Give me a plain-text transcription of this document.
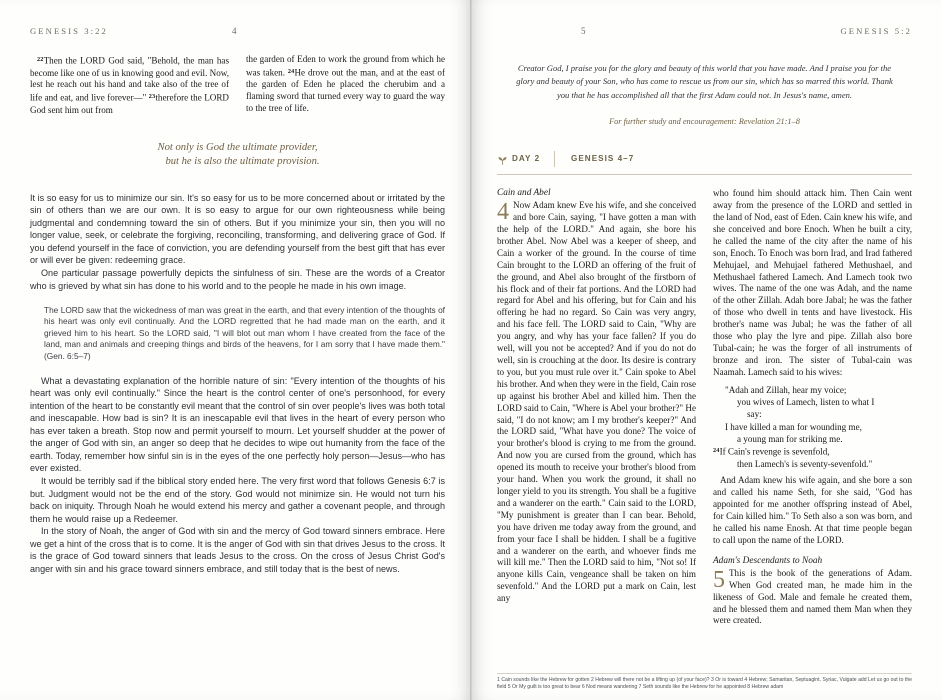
GENESIS 3:22	4

$^{22}$Then the LORD God said, "Behold, the man has become like one of us in knowing good and evil. Now, lest he reach out his hand and take also of the tree of life and eat, and live forever—" $^{23}$therefore the LORD God sent him out from

the garden of Eden to work the ground from which he was taken. $^{24}$He drove out the man, and at the east of the garden of Eden he placed the cherubim and a flaming sword that turned every way to guard the way to the tree of life.

Not only is God the ultimate provider,
but he is also the ultimate provision.

It is so easy for us to minimize our sin. It's so easy for us to be more concerned about or irritated by the sin of others than we are our own. It is so easy to argue for our own righteousness while being judgmental and condemning toward the sin of others. But if you minimize your sin, then you will no longer value, seek, or celebrate the forgiving, reconciling, transforming, and delivering grace of God. If you defend yourself in the face of conviction, you are defending yourself from the best gift that has ever or will ever be given: redeeming grace.

One particular passage powerfully depicts the sinfulness of sin. These are the words of a Creator who is grieved by what sin has done to his world and to the people he made in his own image.

The LORD saw that the wickedness of man was great in the earth, and that every intention of the thoughts of his heart was only evil continually. And the LORD regretted that he had made man on the earth, and it grieved him to his heart. So the LORD said, "I will blot out man whom I have created from the face of the land, man and animals and creeping things and birds of the heavens, for I am sorry that I have made them." (Gen. 6:5–7)

What a devastating explanation of the horrible nature of sin: "Every intention of the thoughts of his heart was only evil continually." Since the heart is the control center of one's personhood, for every intention of the heart to be constantly evil meant that the control of sin over people's lives was both total and inescapable. How bad is sin? It is an inescapable evil that lives in the heart of every person who has ever taken a breath. Stop now and permit yourself to mourn. Let yourself shudder at the power of the anger of God with sin, an anger so deep that he decides to wipe out humanity from the face of the earth. Today, remember how sinful sin is in the eyes of the one perfectly holy person—Jesus—who has ever existed.

It would be terribly sad if the biblical story ended here. The very first word that follows Genesis 6:7 is but. Judgment would not be the end of the story. God would not minimize sin. He would not turn his back on iniquity. Through Noah he would extend his mercy and gather a covenant people, and through them he would raise up a Redeemer.

In the story of Noah, the anger of God with sin and the mercy of God toward sinners embrace. Here we get a hint of the cross that is to come. It is the anger of God with sin that drives Jesus to the cross. It is the grace of God toward sinners that leads Jesus to the cross. On the cross of Jesus Christ God's anger with sin and his grace toward sinners embrace, and still today that is the best of news.

5	GENESIS 5:2
Creator God, I praise you for the glory and beauty of this world that you have made. And I praise you for the glory and beauty of your Son, who has come to rescue us from our sin, which has so marred this world. Thank you that he has accomplished all that the first Adam could not. In Jesus's name, amen.
For further study and encouragement: Revelation 21:1–8
DAY 2	GENESIS 4–7
Cain and Abel
4 Now Adam knew Eve his wife, and she conceived and bore Cain, saying, "I have gotten a man with the help of the LORD." And again, she bore his brother Abel. Now Abel was a keeper of sheep, and Cain a worker of the ground. In the course of time Cain brought to the LORD an offering of the fruit of the ground, and Abel also brought of the firstborn of his flock and of their fat portions. And the LORD had regard for Abel and his offering, but for Cain and his offering he had no regard. So Cain was very angry, and his face fell. The LORD said to Cain, "Why are you angry, and why has your face fallen? If you do well, will you not be accepted? And if you do not do well, sin is crouching at the door. Its desire is contrary to you, but you must rule over it." Cain spoke to Abel his brother. And when they were in the field, Cain rose up against his brother Abel and killed him. Then the LORD said to Cain, "Where is Abel your brother?" He said, "I do not know; am I my brother's keeper?" And the LORD said, "What have you done? The voice of your brother's blood is crying to me from the ground. And now you are cursed from the ground, which has opened its mouth to receive your brother's blood from your hand. When you work the ground, it shall no longer yield to you its strength. You shall be a fugitive and a wanderer on the earth." Cain said to the LORD, "My punishment is greater than I can bear. Behold, you have driven me today away from the ground, and from your face I shall be hidden. I shall be a fugitive and a wanderer on the earth, and whoever finds me will kill me." Then the LORD said to him, "Not so! If anyone kills Cain, vengeance shall be taken on him sevenfold." And the LORD put a mark on Cain, lest any

who found him should attack him. Then Cain went away from the presence of the LORD and settled in the land of Nod, east of Eden. Cain knew his wife, and she conceived and bore Enoch. When he built a city, he called the name of the city after the name of his son, Enoch. To Enoch was born Irad, and Irad fathered Mehujael, and Mehujael fathered Methushael, and Methushael fathered Lamech. And Lamech took two wives. The name of the one was Adah, and the name of the other Zillah. Adah bore Jabal; he was the father of those who dwell in tents and have livestock. His brother's name was Jubal; he was the father of all those who play the lyre and pipe. Zillah also bore Tubal-cain; he was the forger of all instruments of bronze and iron. The sister of Tubal-cain was Naamah. Lamech said to his wives:

"Adah and Zillah, hear my voice;

you wives of Lamech, listen to what I

say:

I have killed a man for wounding me,

a young man for striking me.

$^{24}$If Cain's revenge is sevenfold,

then Lamech's is seventy-sevenfold."

And Adam knew his wife again, and she bore a son and called his name Seth, for she said, "God has appointed for me another offspring instead of Abel, for Cain killed him." To Seth also a son was born, and he called his name Enosh. At that time people began to call upon the name of the LORD.

Adam's Descendants to Noah
5 This is the book of the generations of Adam. When God created man, he made him in the likeness of God. Male and female he created them, and he blessed them and named them Man when they were created.

1 Cain sounds like the Hebrew for gotten 2 Hebrew will there not be a lifting up (of your face)? 3 Or is toward 4 Hebrew; Samaritan, Septuagint, Syriac, Vulgate add Let us go out to the field 5 Or My guilt is too great to bear 6 Nod means wandering 7 Seth sounds like the Hebrew for he appointed 8 Hebrew adam
